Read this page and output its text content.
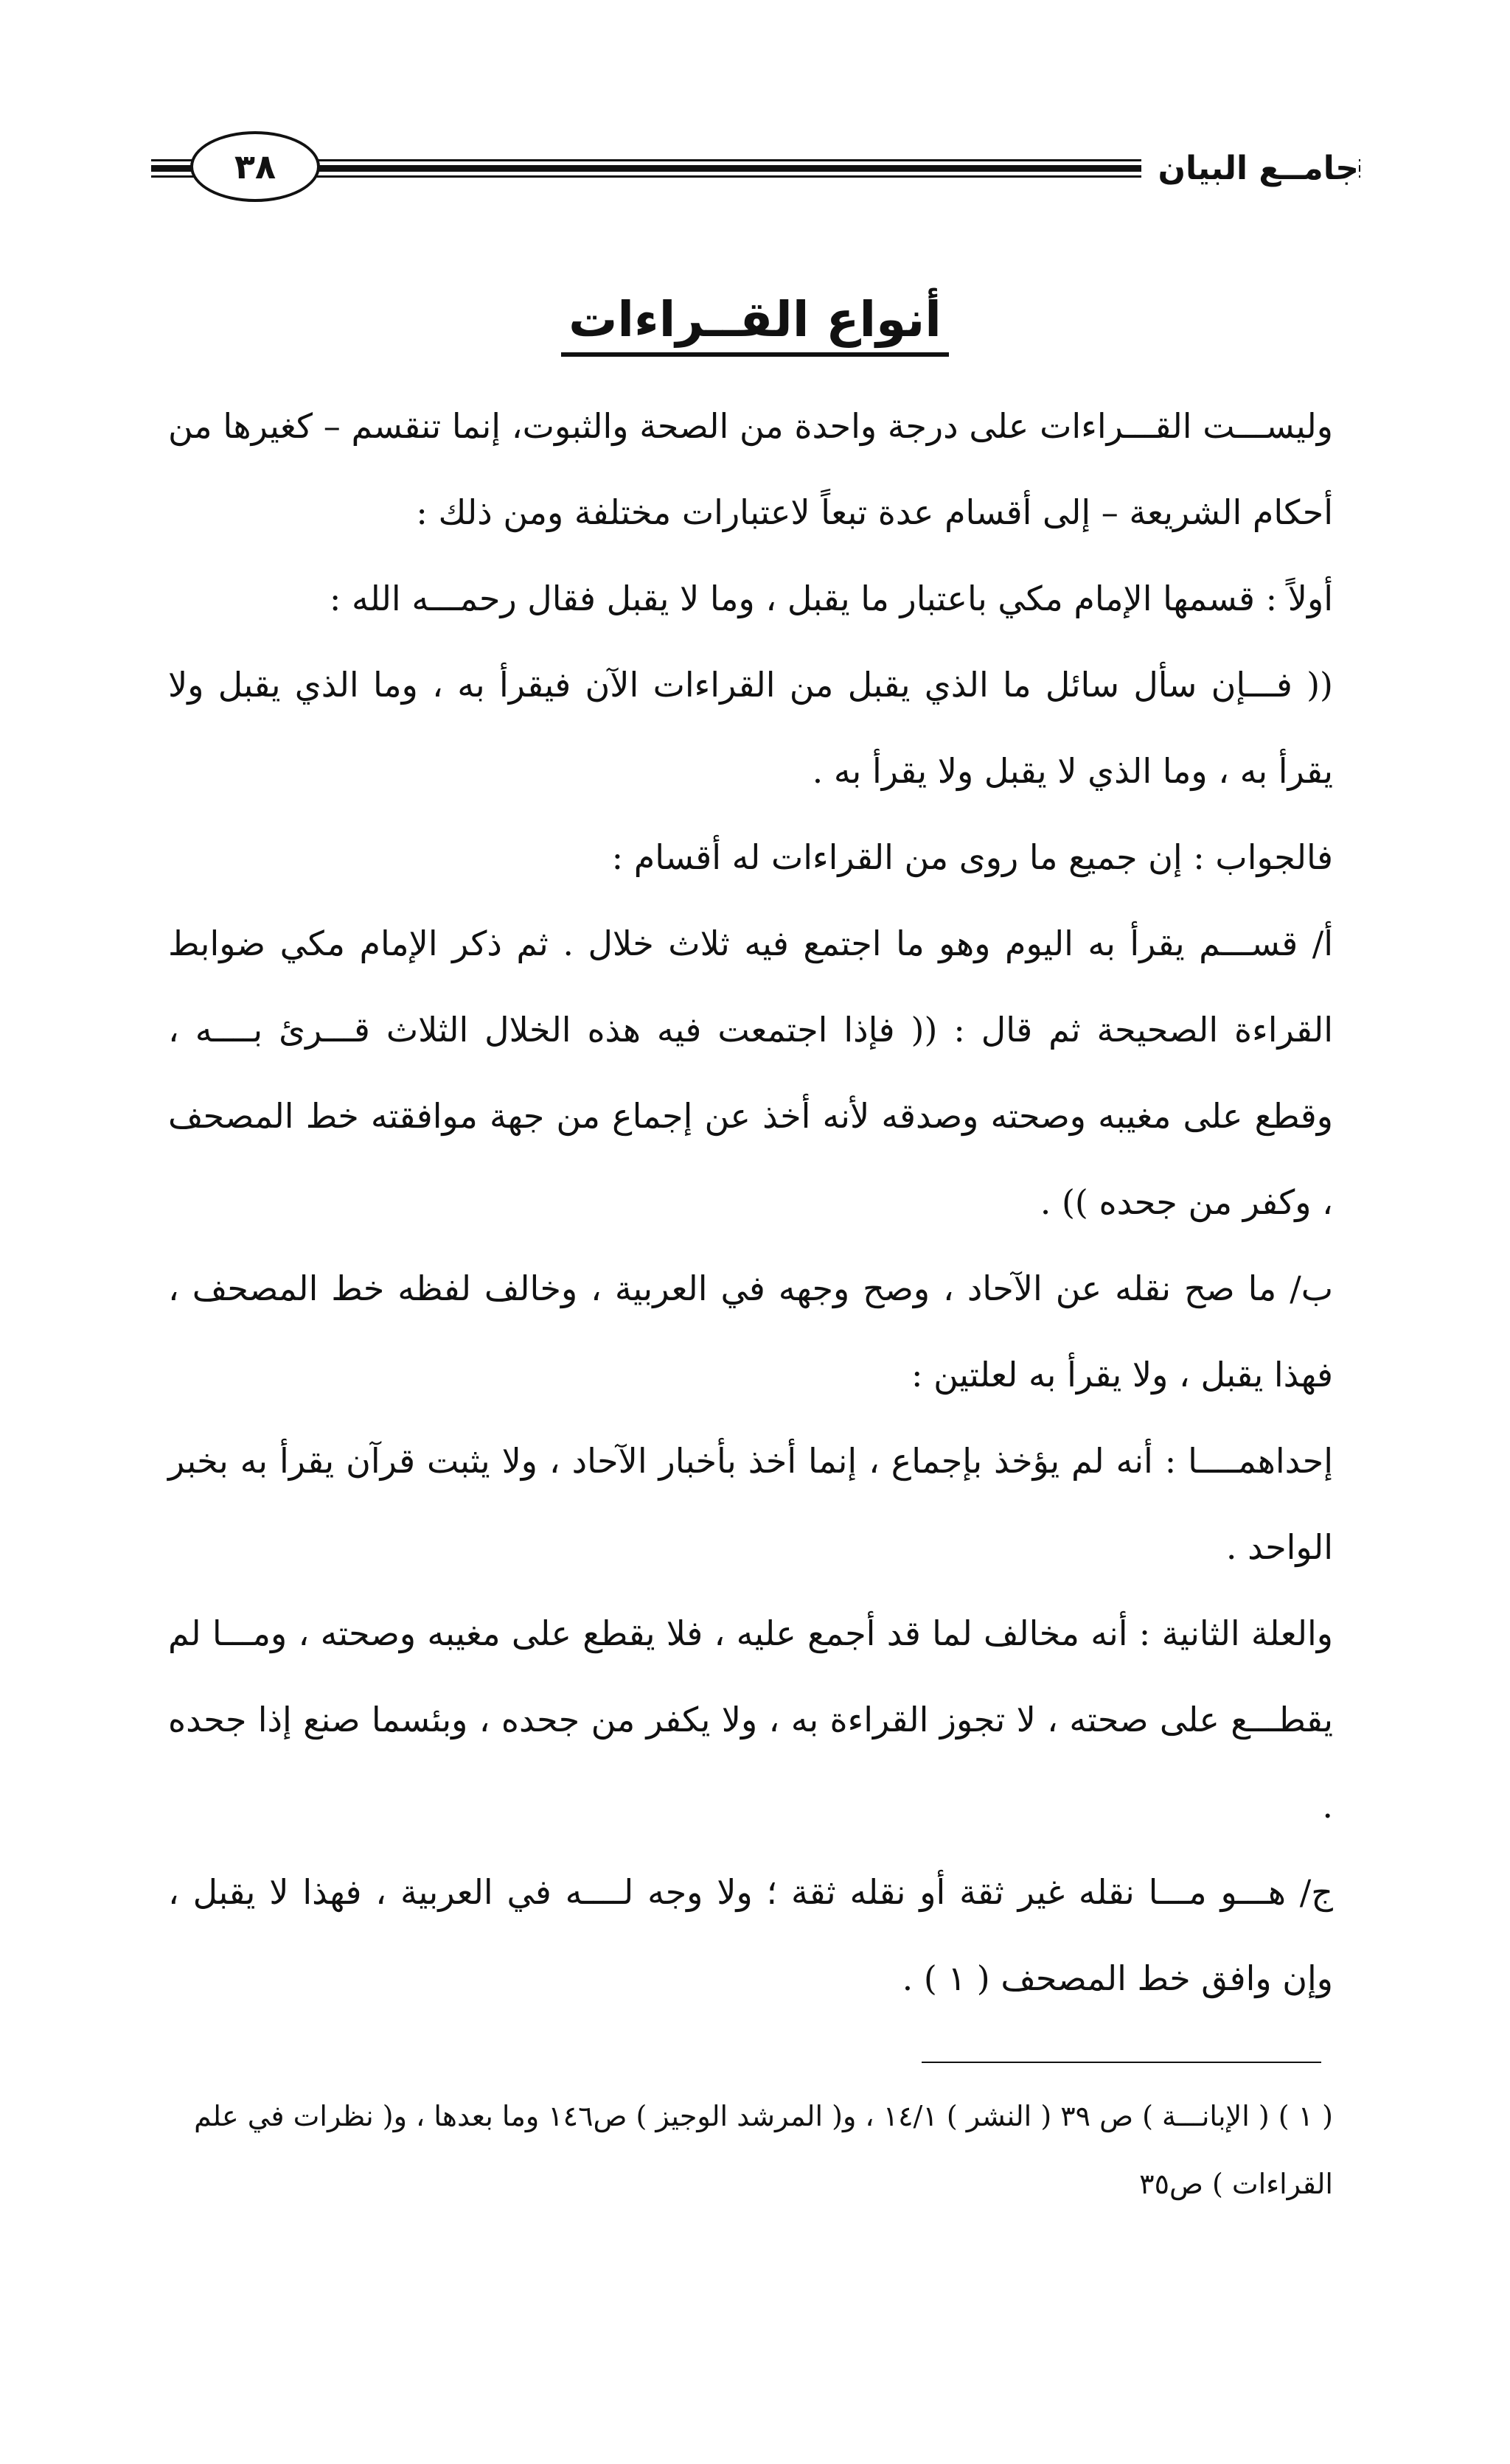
٣٨	جامــع البيان
أنواع القــراءات

وليســـت القـــراءات على درجة واحدة من الصحة والثبوت، إنما تنقسم – كغيرها من أحكام الشريعة – إلى أقسام عدة تبعاً لاعتبارات مختلفة ومن ذلك :

أولاً : قسمها الإمام مكي باعتبار ما يقبل ، وما لا يقبل فقال رحمـــه الله :

(( فـــإن سأل سائل ما الذي يقبل من القراءات الآن فيقرأ به ، وما الذي يقبل ولا يقرأ به ، وما الذي لا يقبل ولا يقرأ به .

فالجواب : إن جميع ما روى من القراءات له أقسام :

أ/ قســـم يقرأ به اليوم وهو ما اجتمع فيه ثلاث خلال . ثم ذكر الإمام مكي ضوابط القراءة الصحيحة ثم قال : (( فإذا اجتمعت فيه هذه الخلال الثلاث قـــرئ بــــه ، وقطع على مغيبه وصحته وصدقه لأنه أخذ عن إجماع من جهة موافقته خط المصحف ، وكفر من جحده )) .

ب/ ما صح نقله عن الآحاد ، وصح وجهه في العربية ، وخالف لفظه خط المصحف ، فهذا يقبل ، ولا يقرأ به لعلتين :

إحداهمــــا : أنه لم يؤخذ بإجماع ، إنما أخذ بأخبار الآحاد ، ولا يثبت قرآن يقرأ به بخبر الواحد .

والعلة الثانية : أنه مخالف لما قد أجمع عليه ، فلا يقطع على مغيبه وصحته ، ومـــا لم يقطـــع على صحته ، لا تجوز القراءة به ، ولا يكفر من جحده ، وبئسما صنع إذا جحده .

ج/ هـــو مـــا نقله غير ثقة أو نقله ثقة ؛ ولا وجه لــــه في العربية ، فهذا لا يقبل ، وإن وافق خط المصحف ( ١ ) .

( ١ ) ( الإبانـــة ) ص ٣٩ ( النشر ) ١٤/١ ، و( المرشد الوجيز ) ص١٤٦ وما بعدها ، و( نظرات في علم القراءات ) ص٣٥
